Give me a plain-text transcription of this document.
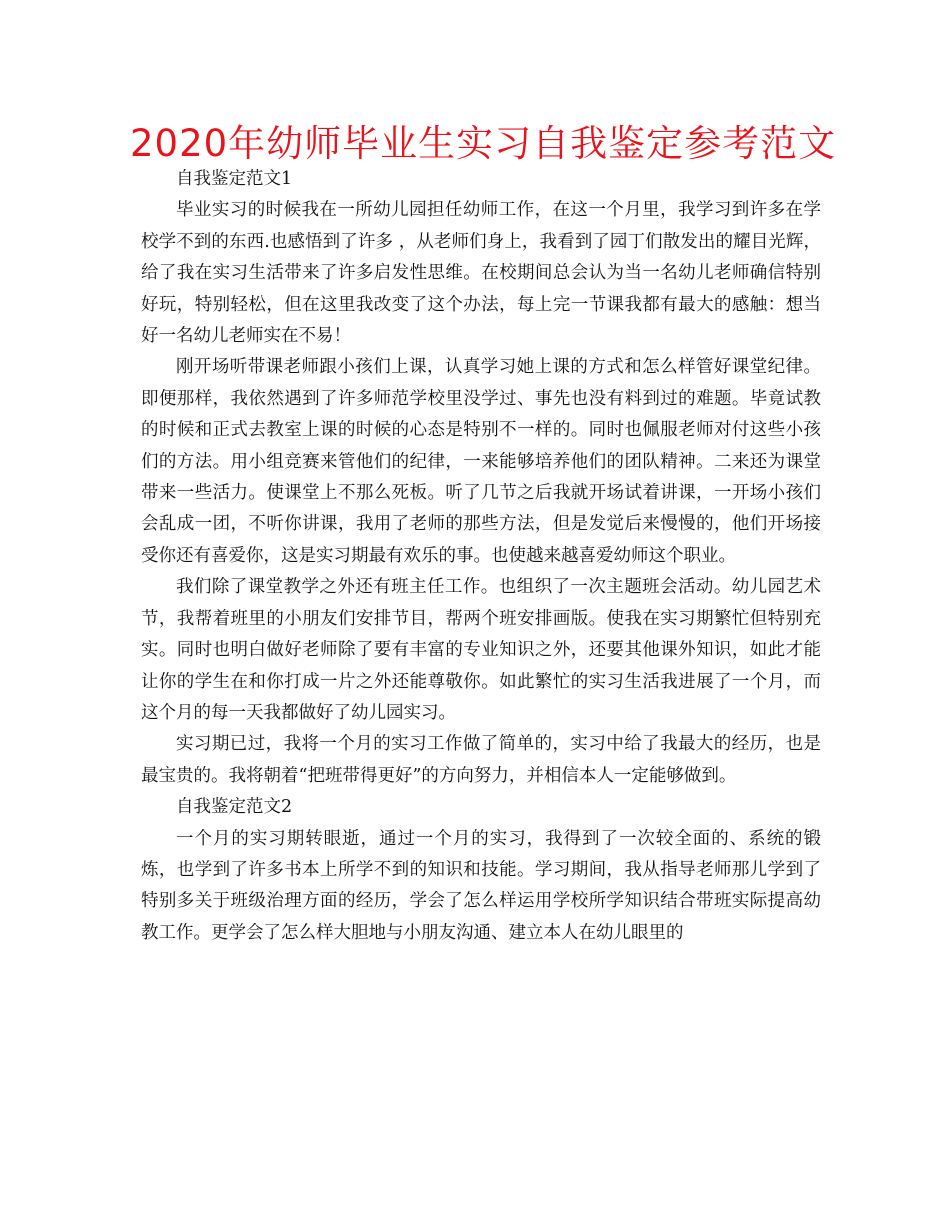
2020年幼师毕业生实习自我鉴定参考范文

自我鉴定范文1

毕业实习的时候我在一所幼儿园担任幼师工作，在这一个月里，我学习到许多在学校学不到的东西.也感悟到了许多 ，从老师们身上，我看到了园丁们散发出的耀目光辉，给了我在实习生活带来了许多启发性思维。在校期间总会认为当一名幼儿老师确信特别好玩，特别轻松，但在这里我改变了这个办法，每上完一节课我都有最大的感触：想当好一名幼儿老师实在不易！

刚开场听带课老师跟小孩们上课，认真学习她上课的方式和怎么样管好课堂纪律。即便那样，我依然遇到了许多师范学校里没学过、事先也没有料到过的难题。毕竟试教的时候和正式去教室上课的时候的心态是特别不一样的。同时也佩服老师对付这些小孩们的方法。用小组竞赛来管他们的纪律，一来能够培养他们的团队精神。二来还为课堂带来一些活力。使课堂上不那么死板。听了几节之后我就开场试着讲课，一开场小孩们会乱成一团，不听你讲课，我用了老师的那些方法，但是发觉后来慢慢的，他们开场接受你还有喜爱你，这是实习期最有欢乐的事。也使越来越喜爱幼师这个职业。

我们除了课堂教学之外还有班主任工作。也组织了一次主题班会活动。幼儿园艺术节，我帮着班里的小朋友们安排节目，帮两个班安排画版。使我在实习期繁忙但特别充实。同时也明白做好老师除了要有丰富的专业知识之外，还要其他课外知识，如此才能让你的学生在和你打成一片之外还能尊敬你。如此繁忙的实习生活我进展了一个月，而这个月的每一天我都做好了幼儿园实习。

实习期已过，我将一个月的实习工作做了简单的，实习中给了我最大的经历，也是最宝贵的。我将朝着“把班带得更好”的方向努力，并相信本人一定能够做到。

自我鉴定范文2

一个月的实习期转眼逝，通过一个月的实习，我得到了一次较全面的、系统的锻炼，也学到了许多书本上所学不到的知识和技能。学习期间，我从指导老师那儿学到了特别多关于班级治理方面的经历，学会了怎么样运用学校所学知识结合带班实际提高幼教工作。更学会了怎么样大胆地与小朋友沟通、建立本人在幼儿眼里的
